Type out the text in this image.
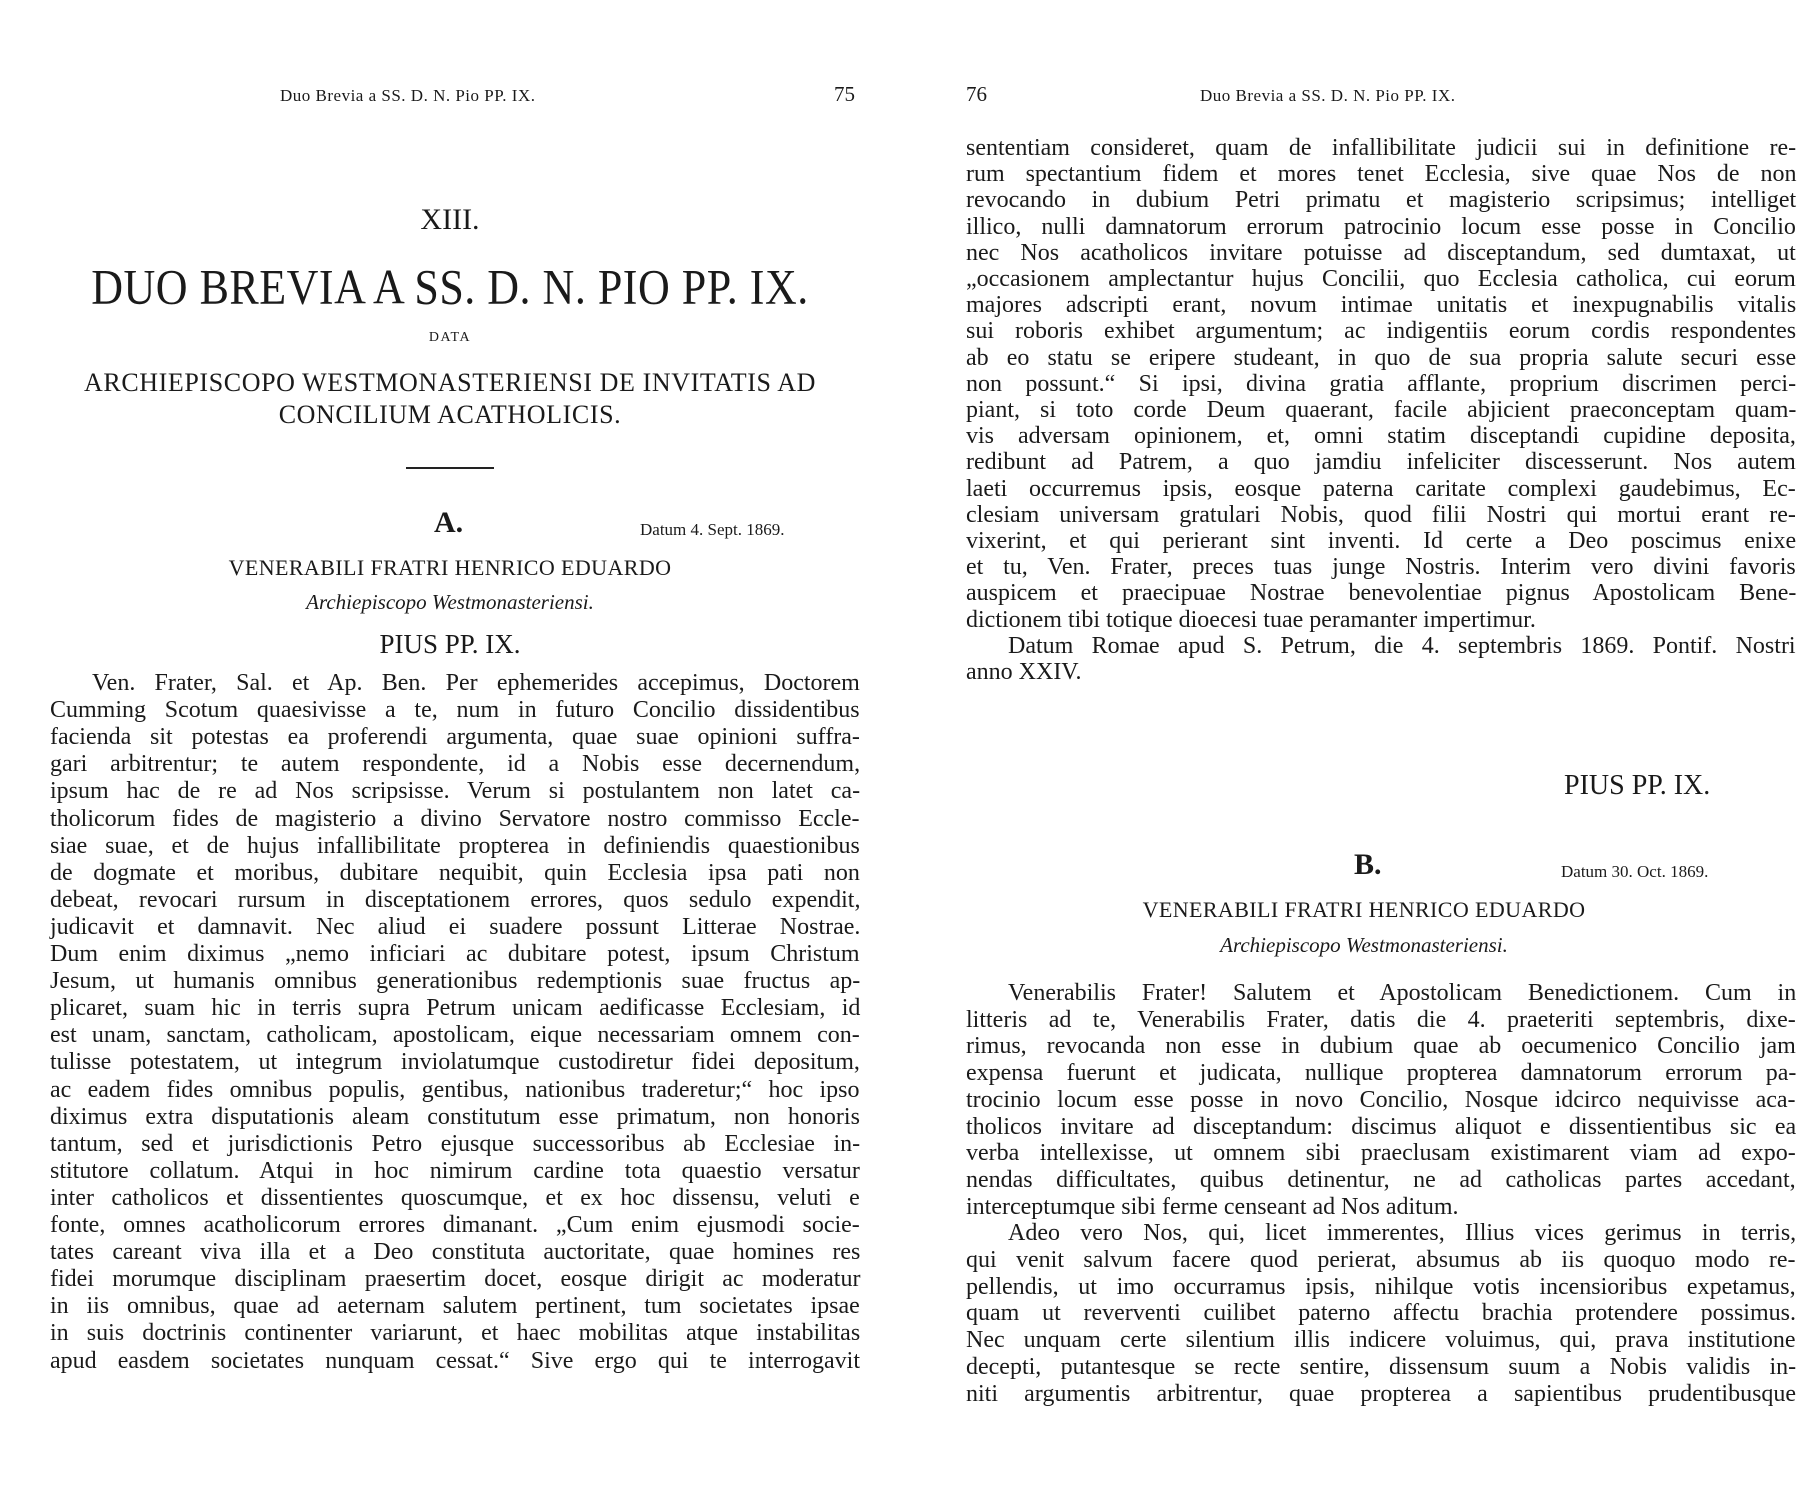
Duo Brevia a SS. D. N. Pio PP. IX.	75
XIII.
DUO BREVIA A SS. D. N. PIO PP. IX.
DATA
ARCHIEPISCOPO WESTMONASTERIENSI DE INVITATIS AD
CONCILIUM ACATHOLICIS.
A.	Datum 4. Sept. 1869.
VENERABILI FRATRI HENRICO EDUARDO
Archiepiscopo Westmonasteriensi.
PIUS PP. IX.
Ven. Frater, Sal. et Ap. Ben. Per ephemerides accepimus, Doctorem
Cumming Scotum quaesivisse a te, num in futuro Concilio dissidentibus
facienda sit potestas ea proferendi argumenta, quae suae opinioni suffra-
gari arbitrentur; te autem respondente, id a Nobis esse decernendum,
ipsum hac de re ad Nos scripsisse. Verum si postulantem non latet ca-
tholicorum fides de magisterio a divino Servatore nostro commisso Eccle-
siae suae, et de hujus infallibilitate propterea in definiendis quaestionibus
de dogmate et moribus, dubitare nequibit, quin Ecclesia ipsa pati non
debeat, revocari rursum in disceptationem errores, quos sedulo expendit,
judicavit et damnavit. Nec aliud ei suadere possunt Litterae Nostrae.
Dum enim diximus „nemo inficiari ac dubitare potest, ipsum Christum
Jesum, ut humanis omnibus generationibus redemptionis suae fructus ap-
plicaret, suam hic in terris supra Petrum unicam aedificasse Ecclesiam, id
est unam, sanctam, catholicam, apostolicam, eique necessariam omnem con-
tulisse potestatem, ut integrum inviolatumque custodiretur fidei depositum,
ac eadem fides omnibus populis, gentibus, nationibus traderetur;“ hoc ipso
diximus extra disputationis aleam constitutum esse primatum, non honoris
tantum, sed et jurisdictionis Petro ejusque successoribus ab Ecclesiae in-
stitutore collatum. Atqui in hoc nimirum cardine tota quaestio versatur
inter catholicos et dissentientes quoscumque, et ex hoc dissensu, veluti e
fonte, omnes acatholicorum errores dimanant. „Cum enim ejusmodi socie-
tates careant viva illa et a Deo constituta auctoritate, quae homines res
fidei morumque disciplinam praesertim docet, eosque dirigit ac moderatur
in iis omnibus, quae ad aeternam salutem pertinent, tum societates ipsae
in suis doctrinis continenter variarunt, et haec mobilitas atque instabilitas
apud easdem societates nunquam cessat.“ Sive ergo qui te interrogavit
76	Duo Brevia a SS. D. N. Pio PP. IX.
sententiam consideret, quam de infallibilitate judicii sui in definitione re-
rum spectantium fidem et mores tenet Ecclesia, sive quae Nos de non
revocando in dubium Petri primatu et magisterio scripsimus; intelliget
illico, nulli damnatorum errorum patrocinio locum esse posse in Concilio
nec Nos acatholicos invitare potuisse ad disceptandum, sed dumtaxat, ut
„occasionem amplectantur hujus Concilii, quo Ecclesia catholica, cui eorum
majores adscripti erant, novum intimae unitatis et inexpugnabilis vitalis
sui roboris exhibet argumentum; ac indigentiis eorum cordis respondentes
ab eo statu se eripere studeant, in quo de sua propria salute securi esse
non possunt.“ Si ipsi, divina gratia afflante, proprium discrimen perci-
piant, si toto corde Deum quaerant, facile abjicient praeconceptam quam-
vis adversam opinionem, et, omni statim disceptandi cupidine deposita,
redibunt ad Patrem, a quo jamdiu infeliciter discesserunt. Nos autem
laeti occurremus ipsis, eosque paterna caritate complexi gaudebimus, Ec-
clesiam universam gratulari Nobis, quod filii Nostri qui mortui erant re-
vixerint, et qui perierant sint inventi. Id certe a Deo poscimus enixe
et tu, Ven. Frater, preces tuas junge Nostris. Interim vero divini favoris
auspicem et praecipuae Nostrae benevolentiae pignus Apostolicam Bene-
dictionem tibi totique dioecesi tuae peramanter impertimur.
Datum Romae apud S. Petrum, die 4. septembris 1869. Pontif. Nostri
anno XXIV.
PIUS PP. IX.
B.	Datum 30. Oct. 1869.
VENERABILI FRATRI HENRICO EDUARDO
Archiepiscopo Westmonasteriensi.
Venerabilis Frater! Salutem et Apostolicam Benedictionem. Cum in
litteris ad te, Venerabilis Frater, datis die 4. praeteriti septembris, dixe-
rimus, revocanda non esse in dubium quae ab oecumenico Concilio jam
expensa fuerunt et judicata, nullique propterea damnatorum errorum pa-
trocinio locum esse posse in novo Concilio, Nosque idcirco nequivisse aca-
tholicos invitare ad disceptandum: discimus aliquot e dissentientibus sic ea
verba intellexisse, ut omnem sibi praeclusam existimarent viam ad expo-
nendas difficultates, quibus detinentur, ne ad catholicas partes accedant,
interceptumque sibi ferme censeant ad Nos aditum.
Adeo vero Nos, qui, licet immerentes, Illius vices gerimus in terris,
qui venit salvum facere quod perierat, absumus ab iis quoquo modo re-
pellendis, ut imo occurramus ipsis, nihilque votis incensioribus expetamus,
quam ut reverventi cuilibet paterno affectu brachia protendere possimus.
Nec unquam certe silentium illis indicere voluimus, qui, prava institutione
decepti, putantesque se recte sentire, dissensum suum a Nobis validis in-
niti argumentis arbitrentur, quae propterea a sapientibus prudentibusque
